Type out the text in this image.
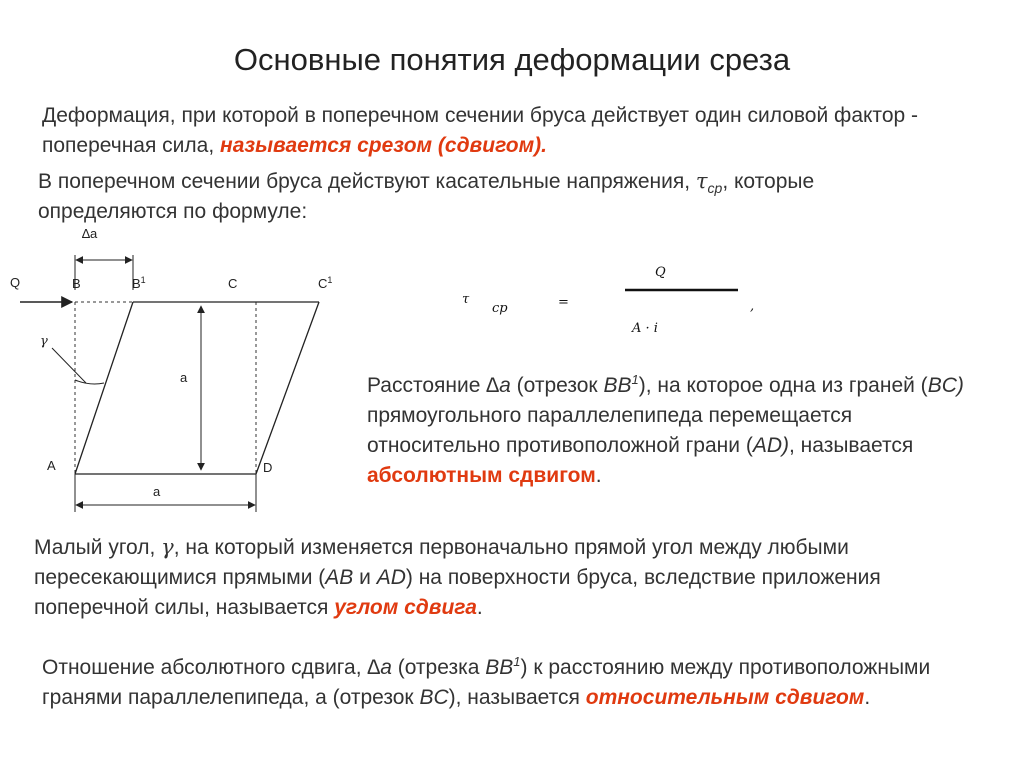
Основные понятия деформации среза
Деформация, при которой в поперечном сечении бруса действует один силовой фактор - поперечная сила, называется срезом (сдвигом).
В поперечном сечении бруса действуют касательные напряжения, $\tau_{cp}$, которые определяются по формуле:
τ
cp	=
Q
A · i
,
∆a
Q	B	$B^1$	C	$C^1$
a
γ
A	D
a
Расстояние ∆a (отрезок $BB^1$), на которое одна из граней (BC) прямоугольного параллелепипеда перемещается относительно противоположной грани (AD), называется абсолютным сдвигом.
Малый угол, γ, на который изменяется первоначально прямой угол между любыми пересекающимися прямыми (AB и AD) на поверхности бруса, вследствие приложения поперечной силы, называется углом сдвига.
Отношение абсолютного сдвига, ∆a (отрезка $BB^1$) к расстоянию между противоположными гранями параллелепипеда, а (отрезок BC), называется относительным сдвигом.
